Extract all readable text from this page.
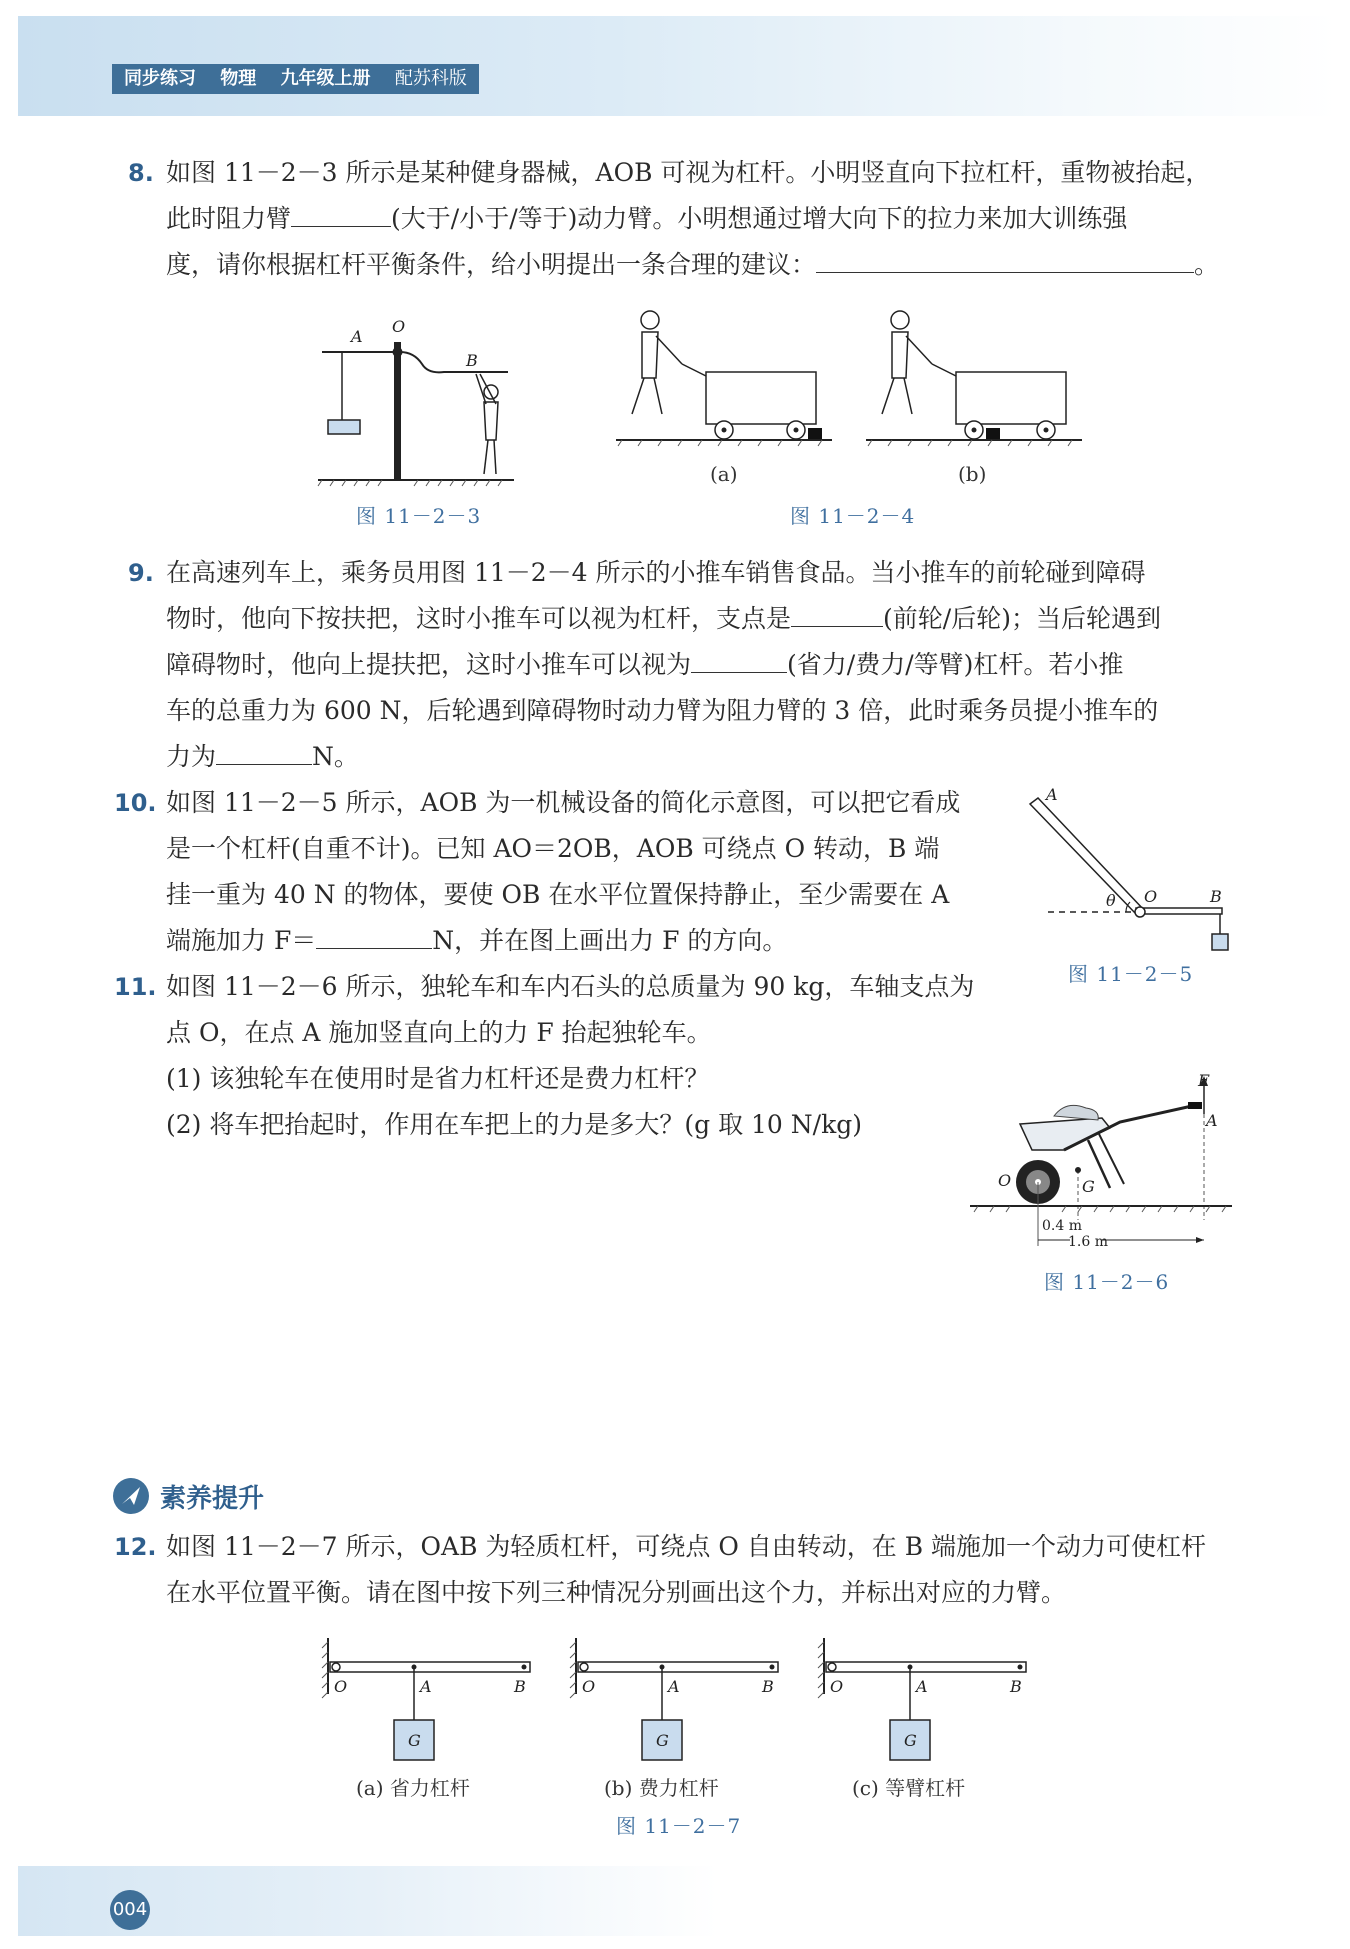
同步练习 物理 九年级上册 配苏科版
8. 如图 11－2－3 所示是某种健身器械，AOB 可视为杠杆。小明竖直向下拉杠杆，重物被抬起，
此时阻力臂	(大于/小于/等于)动力臂。小明想通过增大向下的拉力来加大训练强
度，请你根据杠杆平衡条件，给小明提出一条合理的建议：	。
A
O
B
图 11－2－3
(a)	(b)
图 11－2－4
9. 在高速列车上，乘务员用图 11－2－4 所示的小推车销售食品。当小推车的前轮碰到障碍
物时，他向下按扶把，这时小推车可以视为杠杆，支点是	(前轮/后轮)；当后轮遇到
障碍物时，他向上提扶把，这时小推车可以视为	(省力/费力/等臂)杠杆。若小推
车的总重力为 600 N，后轮遇到障碍物时动力臂为阻力臂的 3 倍，此时乘务员提小推车的
力为	N。
10. 如图 11－2－5 所示，AOB 为一机械设备的简化示意图，可以把它看成
是一个杠杆(自重不计)。已知 AO＝2OB，AOB 可绕点 O 转动，B 端
挂一重为 40 N 的物体，要使 OB 在水平位置保持静止，至少需要在 A
端施加力 F＝	N，并在图上画出力 F 的方向。
A
θ O	B
图 11－2－5
11. 如图 11－2－6 所示，独轮车和车内石头的总质量为 90 kg，车轴支点为
点 O，在点 A 施加竖直向上的力 F 抬起独轮车。
(1) 该独轮车在使用时是省力杠杆还是费力杠杆？
(2) 将车把抬起时，作用在车把上的力是多大？(g 取 10 N/kg)
F
A
O	G
0.4 m
1.6 m
图 11－2－6
素养提升
12. 如图 11－2－7 所示，OAB 为轻质杠杆，可绕点 O 自由转动，在 B 端施加一个动力可使杠杆
在水平位置平衡。请在图中按下列三种情况分别画出这个力，并标出对应的力臂。
O	A	B
G
(a) 省力杠杆
O	A	B
G
(b) 费力杠杆
O	A	B
G
(c) 等臂杠杆
图 11－2－7
004
